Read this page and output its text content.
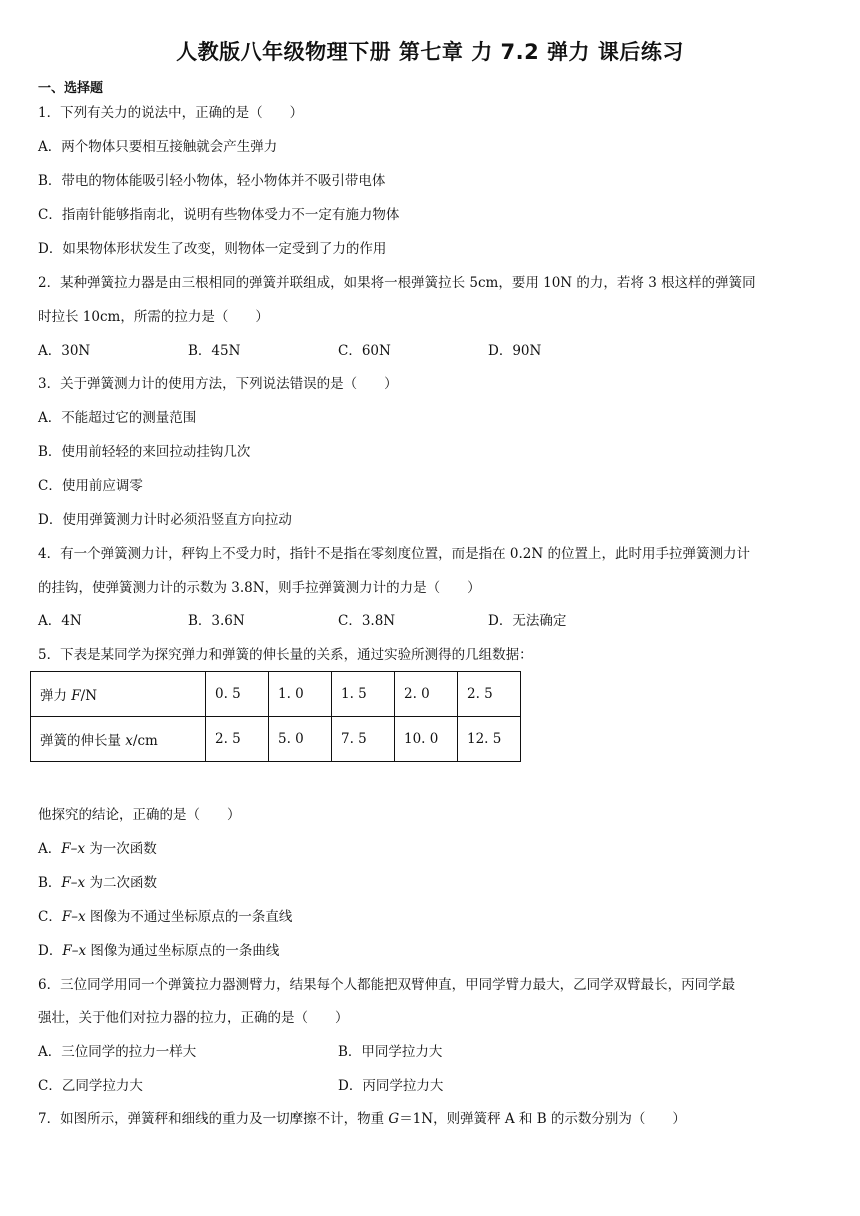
人教版八年级物理下册 第七章 力 7.2 弹力 课后练习
一、选择题
1．下列有关力的说法中，正确的是（　　）
A．两个物体只要相互接触就会产生弹力
B．带电的物体能吸引轻小物体，轻小物体并不吸引带电体
C．指南针能够指南北，说明有些物体受力不一定有施力物体
D．如果物体形状发生了改变，则物体一定受到了力的作用
2．某种弹簧拉力器是由三根相同的弹簧并联组成，如果将一根弹簧拉长 5cm，要用 10N 的力，若将 3 根这样的弹簧同
时拉长 10cm，所需的拉力是（　　）
A．30N	B．45N	C．60N	D．90N
3．关于弹簧测力计的使用方法，下列说法错误的是（　　）
A．不能超过它的测量范围
B．使用前轻轻的来回拉动挂钩几次
C．使用前应调零
D．使用弹簧测力计时必须沿竖直方向拉动
4．有一个弹簧测力计，秤钩上不受力时，指针不是指在零刻度位置，而是指在 0.2N 的位置上，此时用手拉弹簧测力计
的挂钩，使弹簧测力计的示数为 3.8N，则手拉弹簧测力计的力是（　　）
A．4N	B．3.6N	C．3.8N	D．无法确定
5．下表是某同学为探究弹力和弹簧的伸长量的关系，通过实验所测得的几组数据：
弹力 F/N	0. 5	1. 0	1. 5	2. 0	2. 5
弹簧的伸长量 x/cm	2. 5	5. 0	7. 5	10. 0	12. 5
他探究的结论，正确的是（　　）
A．F–x 为一次函数
B．F–x 为二次函数
C．F–x 图像为不通过坐标原点的一条直线
D．F–x 图像为通过坐标原点的一条曲线
6．三位同学用同一个弹簧拉力器测臂力，结果每个人都能把双臂伸直，甲同学臂力最大，乙同学双臂最长，丙同学最
强壮，关于他们对拉力器的拉力，正确的是（　　）
A．三位同学的拉力一样大	B．甲同学拉力大
C．乙同学拉力大	D．丙同学拉力大
7．如图所示，弹簧秤和细线的重力及一切摩擦不计，物重 G＝1N，则弹簧秤 A 和 B 的示数分别为（　　）
